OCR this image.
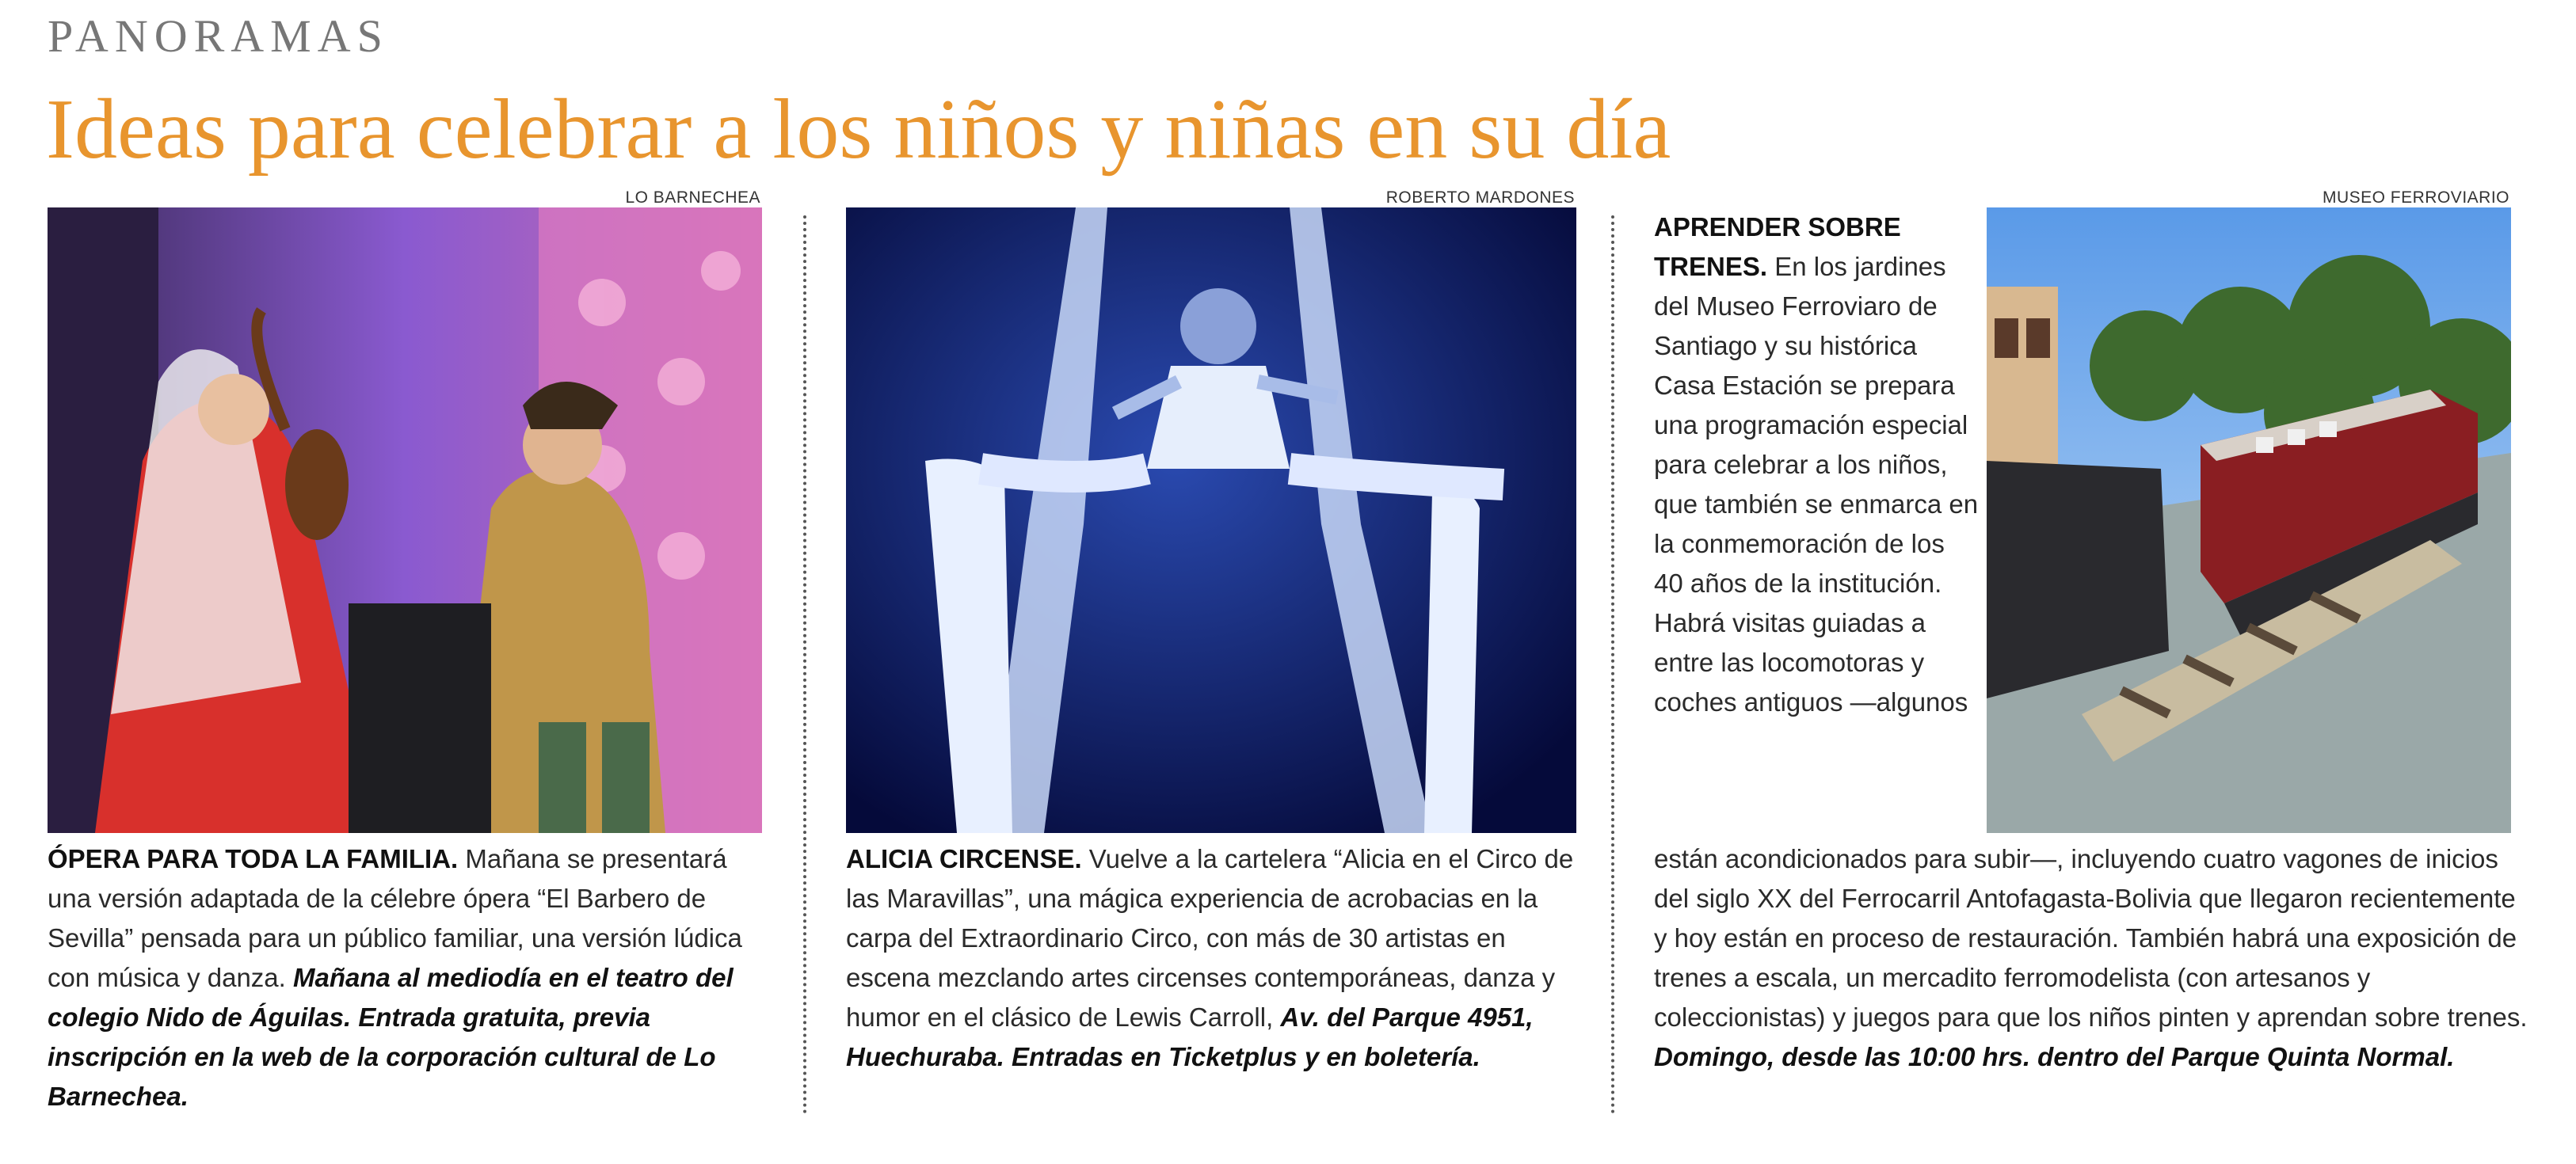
PANORAMAS
Ideas para celebrar a los niños y niñas en su día
LO BARNECHEA

ÓPERA PARA TODA LA FAMILIA. Mañana se presentará una versión adaptada de la célebre ópera “El Barbero de Sevilla” pensada para un público familiar, una versión lúdica con música y danza. Mañana al mediodía en el teatro del colegio Nido de Águilas. Entrada gratuita, previa inscripción en la web de la corporación cultural de Lo Barnechea.

ROBERTO MARDONES

ALICIA CIRCENSE. Vuelve a la cartelera “Alicia en el Circo de las Maravillas”, una mágica experiencia de acrobacias en la carpa del Extraordinario Circo, con más de 30 artistas en escena mezclando artes circenses contemporáneas, danza y humor en el clásico de Lewis Carroll, Av. del Parque 4951, Huechuraba. Entradas en Ticketplus y en boletería.

APRENDER SOBRE TRENES. En los jardines del Museo Ferroviaro de Santiago y su histórica Casa Estación se prepara una programación especial para celebrar a los niños, que también se enmarca en la conmemoración de los 40 años de la institución. Habrá visitas guiadas a entre las locomotoras y coches antiguos —algunos

MUSEO FERROVIARIO

están acondicionados para subir—, incluyendo cuatro vagones de inicios del siglo XX del Ferrocarril Antofagasta-Bolivia que llegaron recientemente y hoy están en proceso de restauración. También habrá una exposición de trenes a escala, un mercadito ferromodelista (con artesanos y coleccionistas) y juegos para que los niños pinten y aprendan sobre trenes. Domingo, desde las 10:00 hrs. dentro del Parque Quinta Normal.
